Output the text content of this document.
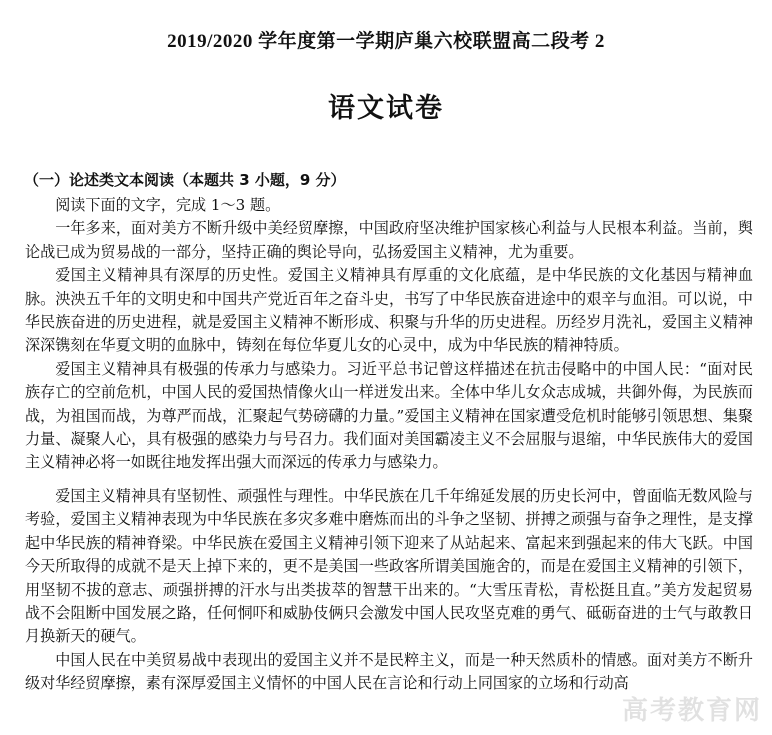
2019/2020 学年度第一学期庐巢六校联盟高二段考 2
语文试卷
（一）论述类文本阅读（本题共 3 小题，9 分）

阅读下面的文字，完成 1～3 题。

一年多来，面对美方不断升级中美经贸摩擦，中国政府坚决维护国家核心利益与人民根本利益。当前，舆论战已成为贸易战的一部分，坚持正确的舆论导向，弘扬爱国主义精神，尤为重要。

爱国主义精神具有深厚的历史性。爱国主义精神具有厚重的文化底蕴，是中华民族的文化基因与精神血脉。泱泱五千年的文明史和中国共产党近百年之奋斗史，书写了中华民族奋进途中的艰辛与血泪。可以说，中华民族奋进的历史进程，就是爱国主义精神不断形成、积聚与升华的历史进程。历经岁月洗礼，爱国主义精神深深镌刻在华夏文明的血脉中，铸刻在每位华夏儿女的心灵中，成为中华民族的精神特质。

爱国主义精神具有极强的传承力与感染力。习近平总书记曾这样描述在抗击侵略中的中国人民：“面对民族存亡的空前危机，中国人民的爱国热情像火山一样迸发出来。全体中华儿女众志成城，共御外侮，为民族而战，为祖国而战，为尊严而战，汇聚起气势磅礴的力量。”爱国主义精神在国家遭受危机时能够引领思想、集聚力量、凝聚人心，具有极强的感染力与号召力。我们面对美国霸凌主义不会屈服与退缩，中华民族伟大的爱国主义精神必将一如既往地发挥出强大而深远的传承力与感染力。

爱国主义精神具有坚韧性、顽强性与理性。中华民族在几千年绵延发展的历史长河中，曾面临无数风险与考验，爱国主义精神表现为中华民族在多灾多难中磨炼而出的斗争之坚韧、拼搏之顽强与奋争之理性，是支撑起中华民族的精神脊梁。中华民族在爱国主义精神引领下迎来了从站起来、富起来到强起来的伟大飞跃。中国今天所取得的成就不是天上掉下来的，更不是美国一些政客所谓美国施舍的，而是在爱国主义精神的引领下，用坚韧不拔的意志、顽强拼搏的汗水与出类拔萃的智慧干出来的。“大雪压青松，青松挺且直。”美方发起贸易战不会阻断中国发展之路，任何恫吓和威胁伎俩只会激发中国人民攻坚克难的勇气、砥砺奋进的士气与敢教日月换新天的硬气。

中国人民在中美贸易战中表现出的爱国主义并不是民粹主义，而是一种天然质朴的情感。面对美方不断升级对华经贸摩擦，素有深厚爱国主义情怀的中国人民在言论和行动上同国家的立场和行动高

高考教育网
